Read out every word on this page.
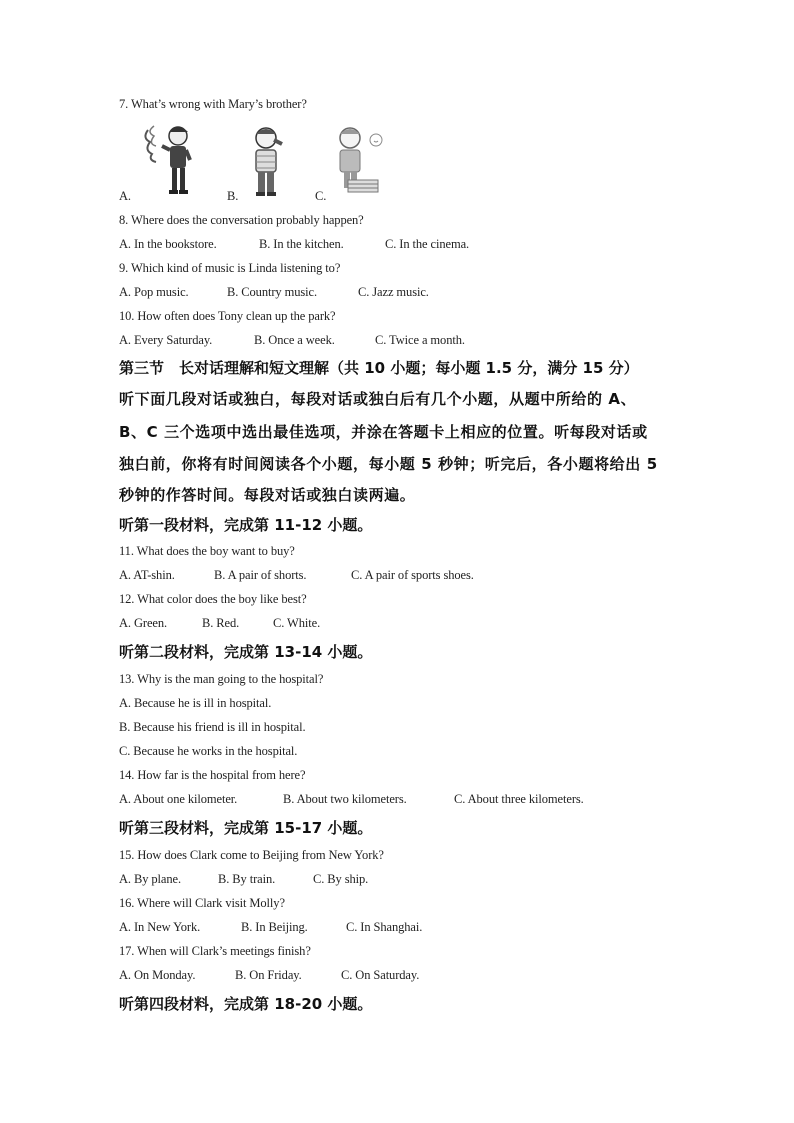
7. What’s wrong with Mary’s brother?
A.	B.	C.
8. Where does the conversation probably happen?
A. In the bookstore.	B. In the kitchen.	C. In the cinema.
9. Which kind of music is Linda listening to?
A. Pop music.	B. Country music.	C. Jazz music.
10. How often does Tony clean up the park?
A. Every Saturday.	B. Once a week.	C. Twice a month.
第三节　长对话理解和短文理解（共 10 小题；每小题 1.5 分，满分 15 分）
听下面几段对话或独白，每段对话或独白后有几个小题，从题中所给的 A、
B、C 三个选项中选出最佳选项，并涂在答题卡上相应的位置。听每段对话或
独白前，你将有时间阅读各个小题，每小题 5 秒钟；听完后，各小题将给出 5
秒钟的作答时间。每段对话或独白读两遍。
听第一段材料，完成第 11-12 小题。
11. What does the boy want to buy?
A. AT-shin.	B. A pair of shorts.	C. A pair of sports shoes.
12. What color does the boy like best?
A. Green.	B. Red.	C. White.
听第二段材料，完成第 13-14 小题。
13. Why is the man going to the hospital?
A. Because he is ill in hospital.
B. Because his friend is ill in hospital.
C. Because he works in the hospital.
14. How far is the hospital from here?
A. About one kilometer.	B. About two kilometers.	C. About three kilometers.
听第三段材料，完成第 15-17 小题。
15. How does Clark come to Beijing from New York?
A. By plane.	B. By train.	C. By ship.
16. Where will Clark visit Molly?
A. In New York.	B. In Beijing.	C. In Shanghai.
17. When will Clark’s meetings finish?
A. On Monday.	B. On Friday.	C. On Saturday.
听第四段材料，完成第 18-20 小题。
